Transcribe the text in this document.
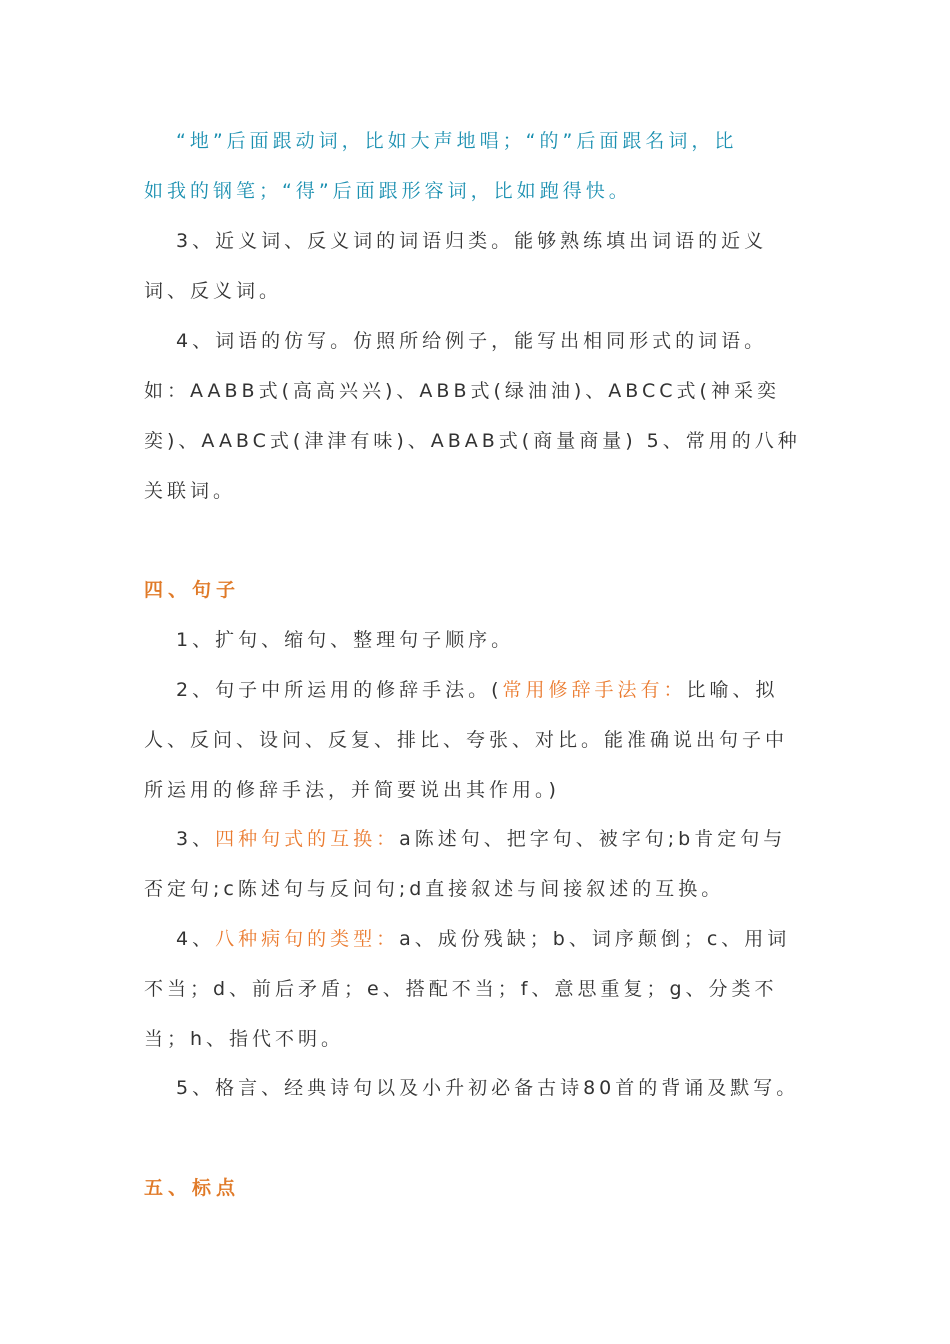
“地”后面跟动词，比如大声地唱；“的”后面跟名词，比
如我的钢笔；“得”后面跟形容词，比如跑得快。
3、近义词、反义词的词语归类。能够熟练填出词语的近义
词、反义词。
4、词语的仿写。仿照所给例子，能写出相同形式的词语。
如：AABB式(高高兴兴)、ABB式(绿油油)、ABCC式(神采奕
奕)、AABC式(津津有味)、ABAB式(商量商量) 5、常用的八种
关联词。
四、句子
1、扩句、缩句、整理句子顺序。
2、句子中所运用的修辞手法。(常用修辞手法有：比喻、拟
人、反问、设问、反复、排比、夸张、对比。能准确说出句子中
所运用的修辞手法，并简要说出其作用。)
3、四种句式的互换：a陈述句、把字句、被字句;b肯定句与
否定句;c陈述句与反问句;d直接叙述与间接叙述的互换。
4、八种病句的类型：a、成份残缺；b、词序颠倒；c、用词
不当；d、前后矛盾；e、搭配不当；f、意思重复；g、分类不
当；h、指代不明。
5、格言、经典诗句以及小升初必备古诗80首的背诵及默写。
五、标点
